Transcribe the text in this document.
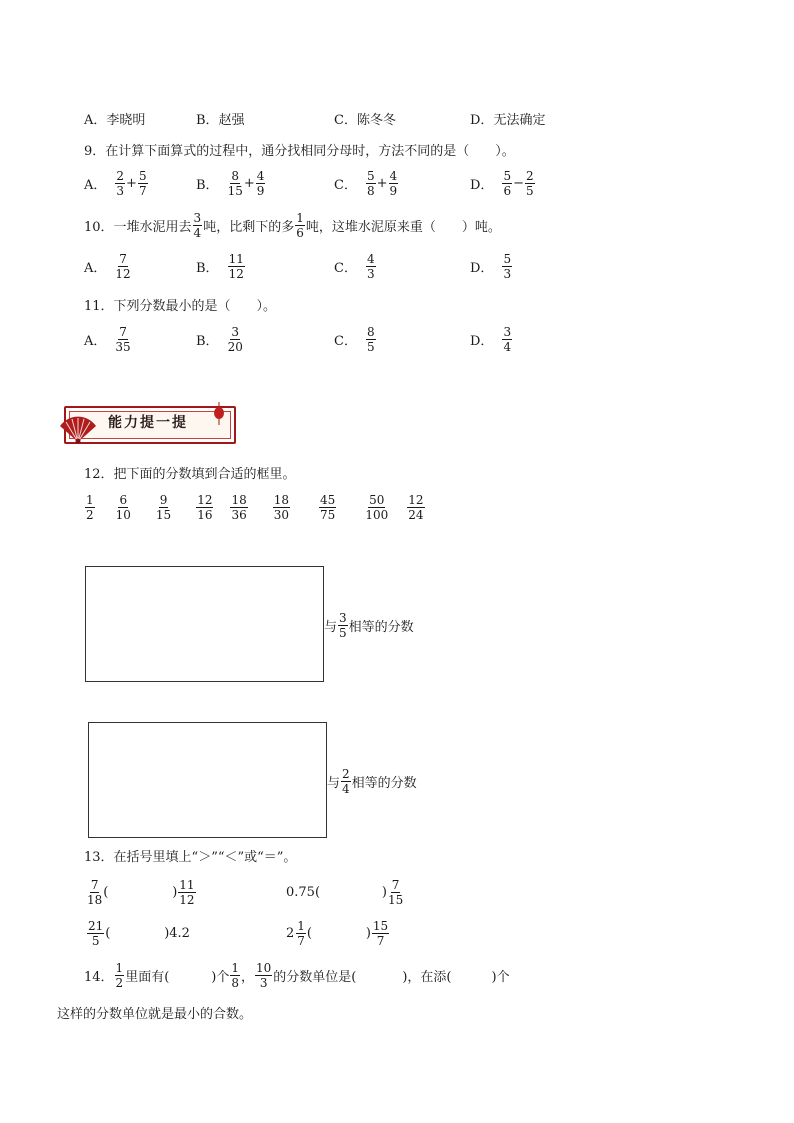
A．李晓明	B．赵强	C．陈冬冬	D．无法确定
9．在计算下面算式的过程中，通分找相同分母时，方法不同的是（　　）。
A． $\frac{2}{3} + \frac{5}{7}$	B． $\frac{8}{15} + \frac{4}{9}$	C． $\frac{5}{8} + \frac{4}{9}$	D． $\frac{5}{6} - \frac{2}{5}$
10．一堆水泥用去 $\frac{3}{4}$ 吨，比剩下的多 $\frac{1}{6}$ 吨，这堆水泥原来重（　　）吨。
A． $\frac{7}{12}$	B． $\frac{11}{12}$	C． $\frac{4}{3}$	D． $\frac{5}{3}$
11．下列分数最小的是（　　）。
A． $\frac{7}{35}$	B． $\frac{3}{20}$	C． $\frac{8}{5}$	D． $\frac{3}{4}$
能力提一提
12．把下面的分数填到合适的框里。
$\frac{1}{2} \frac{6}{10} \frac{9}{15} \frac{12}{16} \frac{18}{36} \frac{18}{30} \frac{45}{75} \frac{50}{100} \frac{12}{24}$
与 $\frac{3}{5}$ 相等的分数
与 $\frac{2}{4}$ 相等的分数
13．在括号里填上“＞”“＜”或“＝”。
$\frac{7}{18}$ (	) $\frac{11}{12}$	0.75 (	) $\frac{7}{15}$
$\frac{21}{5}$ (	) 4.2	$2 \frac{1}{7}$ (	) $\frac{15}{7}$
14． $\frac{1}{2}$ 里面有(	)个 $\frac{1}{8}$ ， $\frac{10}{3}$ 的分数单位是(	)，在添(	)个
这样的分数单位就是最小的合数。
